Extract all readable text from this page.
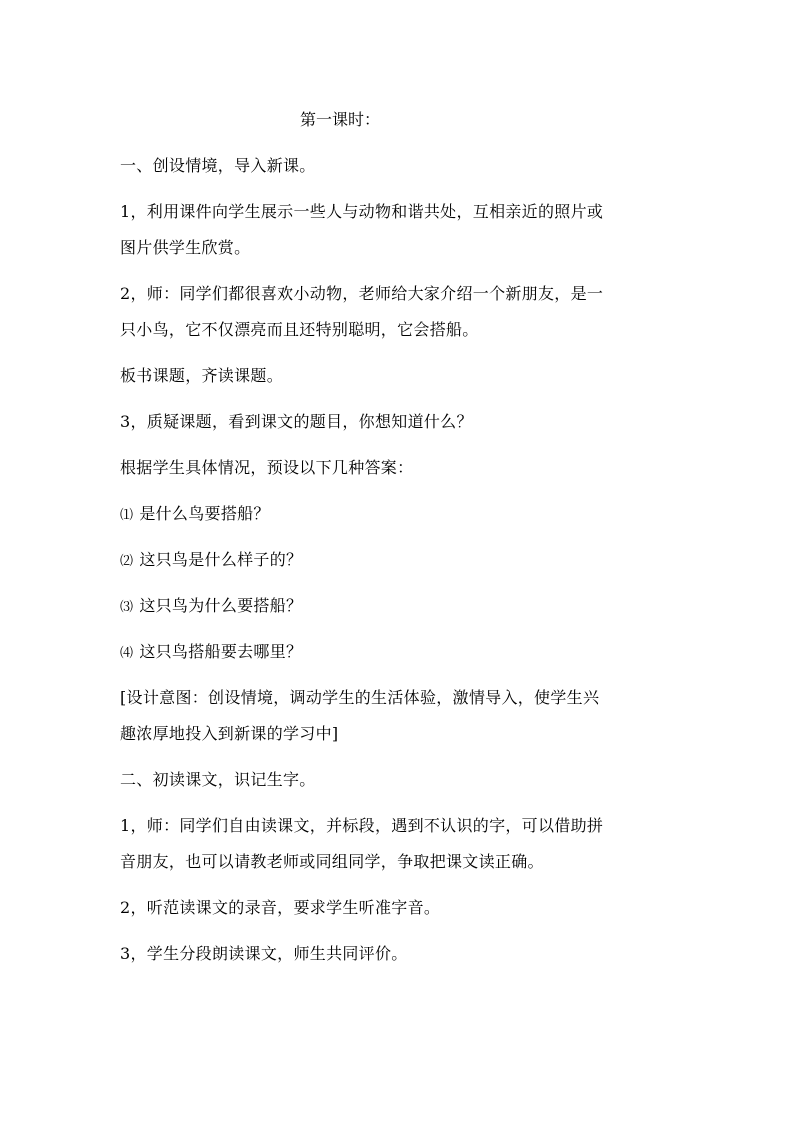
第一课时：
一、创设情境，导入新课。
1，利用课件向学生展示一些人与动物和谐共处，互相亲近的照片或
图片供学生欣赏。
2，师：同学们都很喜欢小动物，老师给大家介绍一个新朋友，是一
只小鸟，它不仅漂亮而且还特别聪明，它会搭船。
板书课题，齐读课题。
3，质疑课题，看到课文的题目，你想知道什么？
根据学生具体情况，预设以下几种答案：
⑴ 是什么鸟要搭船？
⑵ 这只鸟是什么样子的？
⑶ 这只鸟为什么要搭船？
⑷ 这只鸟搭船要去哪里？
[设计意图：创设情境，调动学生的生活体验，激情导入，使学生兴
趣浓厚地投入到新课的学习中]
二、初读课文，识记生字。
1，师：同学们自由读课文，并标段，遇到不认识的字，可以借助拼
音朋友，也可以请教老师或同组同学，争取把课文读正确。
2，听范读课文的录音，要求学生听准字音。
3，学生分段朗读课文，师生共同评价。
